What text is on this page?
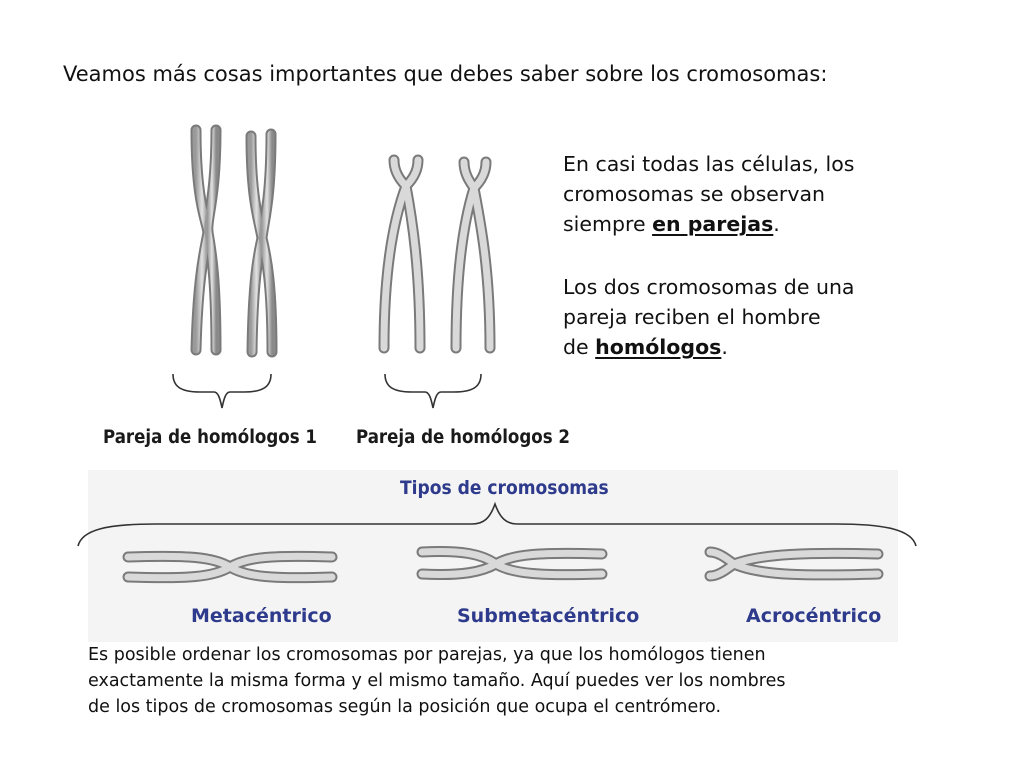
Veamos más cosas importantes que debes saber sobre los cromosomas:
En casi todas las células, los
cromosomas se observan
siempre en parejas.
Los dos cromosomas de una
pareja reciben el hombre
de homólogos.
Pareja de homólogos 1 Pareja de homólogos 2
Tipos de cromosomas
Metacéntrico	Submetacéntrico	Acrocéntrico
Es posible ordenar los cromosomas por parejas, ya que los homólogos tienen
exactamente la misma forma y el mismo tamaño. Aquí puedes ver los nombres
de los tipos de cromosomas según la posición que ocupa el centrómero.
